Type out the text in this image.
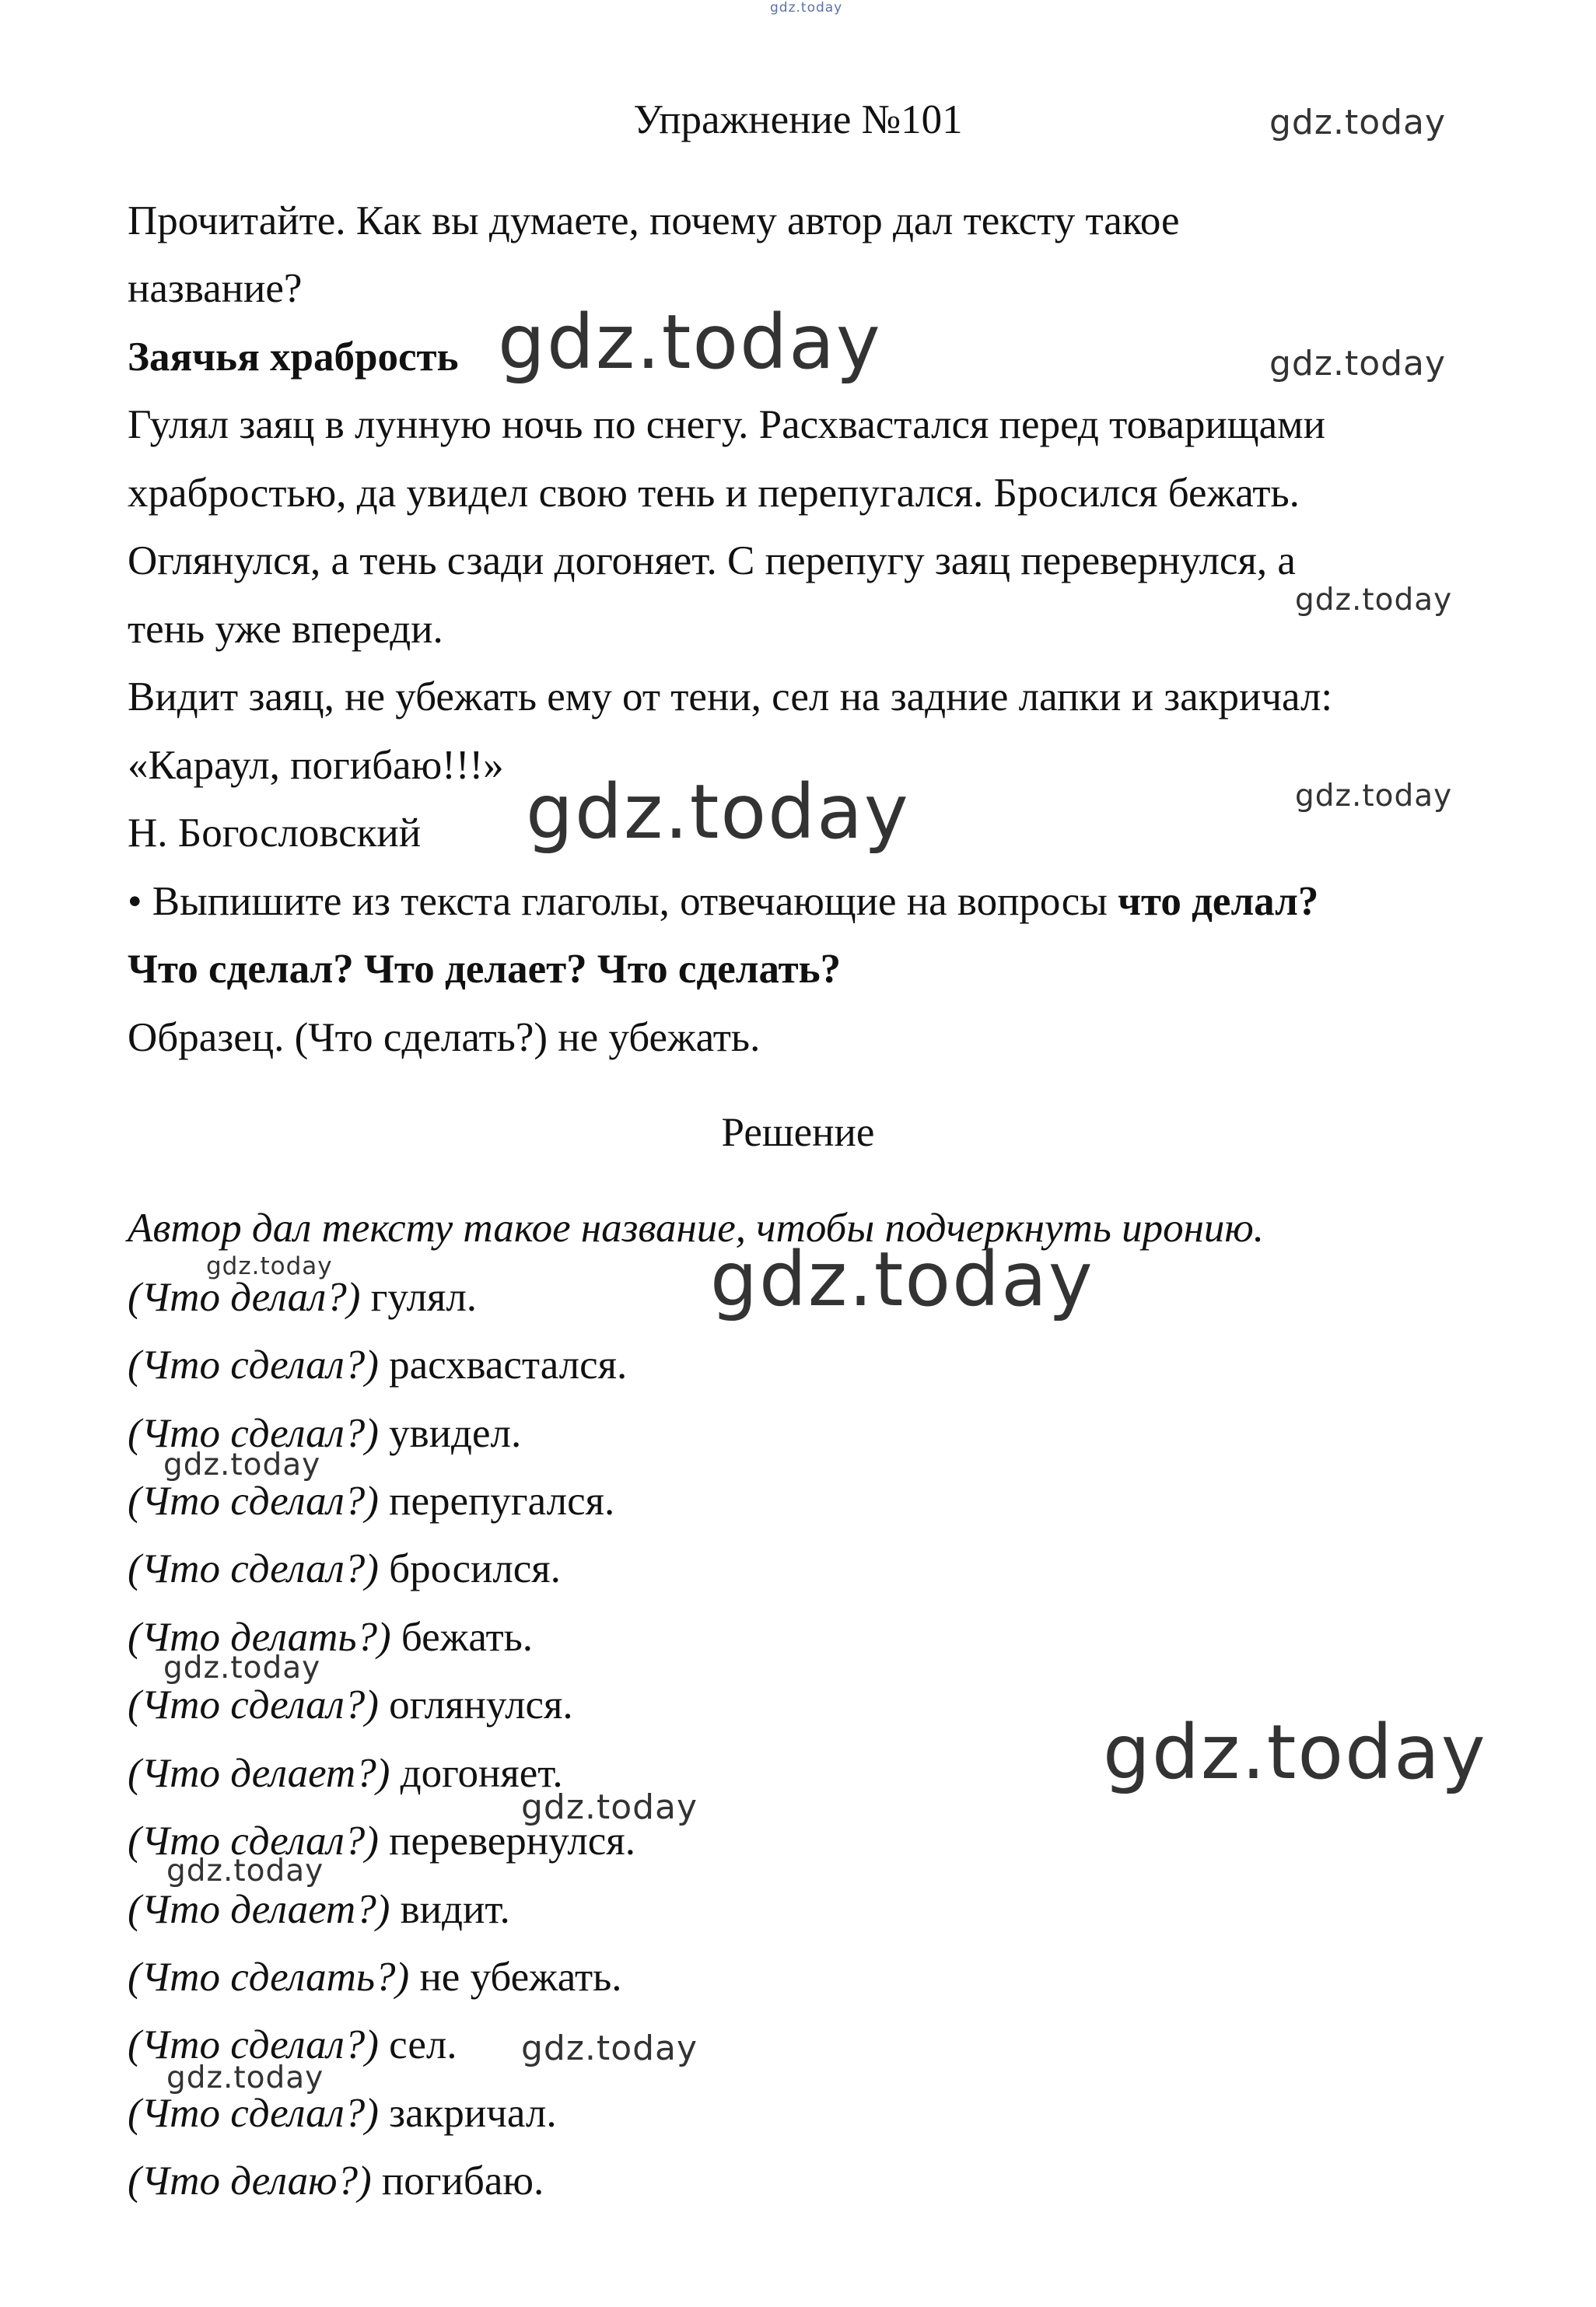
gdz.today
Упражнение №101	gdz.today
Прочитайте. Как вы думаете, почему автор дал тексту такое
название?
Заячья храбрость gdz.today	gdz.today
Гулял заяц в лунную ночь по снегу. Расхвастался перед товарищами
храбростью, да увидел свою тень и перепугался. Бросился бежать.
Оглянулся, а тень сзади догоняет. С перепугу заяц перевернулся, а
gdz.today
тень уже впереди.
Видит заяц, не убежать ему от тени, сел на задние лапки и закричал:
«Караул, погибаю!!!»
gdz.today
Н. Богословский gdz.today
• Выпишите из текста глаголы, отвечающие на вопросы что делал?
Что сделал? Что делает? Что сделать?
Образец. (Что сделать?) не убежать.
Решение
Автор дал тексту такое название, чтобы подчеркнуть иронию.
gdz.today	gdz.today
(Что делал?) гулял.
(Что сделал?) расхвастался.
(Что сделал?) увидел.
gdz.today
(Что сделал?) перепугался.
(Что сделал?) бросился.
(Что делать?) бежать.
gdz.today
(Что сделал?) оглянулся.
gdz.today
(Что делает?) догоняет.
gdz.today
(Что сделал?) перевернулся.
gdz.today
(Что делает?) видит.
(Что сделать?) не убежать.
(Что сделал?) сел. gdz.today
gdz.today
(Что сделал?) закричал.
(Что делаю?) погибаю.
